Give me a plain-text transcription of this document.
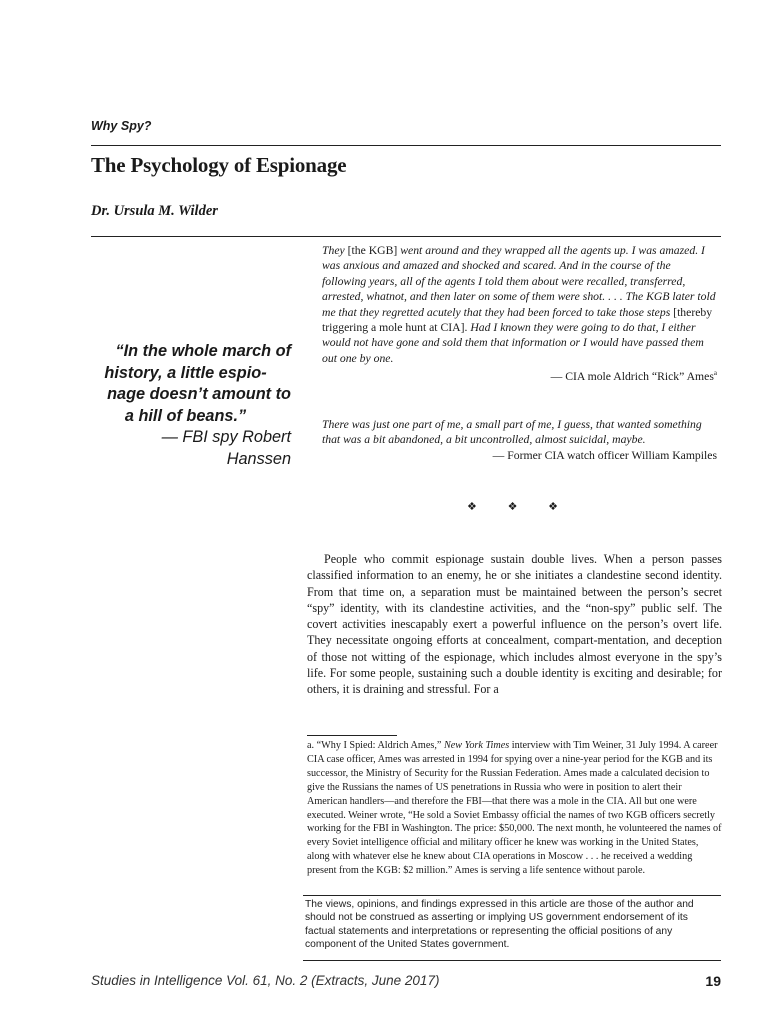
Why Spy?
The Psychology of Espionage
Dr. Ursula M. Wilder
“In the whole march of
history, a little espio-
nage doesn’t amount to
a hill of beans.”
— FBI spy Robert
Hanssen

They [the KGB] went around and they wrapped all the agents up. I was amazed. I was anxious and amazed and shocked and scared. And in the course of the following years, all of the agents I told them about were recalled, transferred, arrested, whatnot, and then later on some of them were shot. . . . The KGB later told me that they regretted acutely that they had been forced to take those steps [thereby triggering a mole hunt at CIA]. Had I known they were going to do that, I either would not have gone and sold them that information or I would have passed them out one by one.

— CIA mole Aldrich “Rick” Ames$^a$

There was just one part of me, a small part of me, I guess, that wanted something that was a bit abandoned, a bit uncontrolled, almost suicidal, maybe.

— Former CIA watch officer William Kampiles

❖ ❖ ❖

People who commit espionage sustain double lives. When a person passes classified information to an enemy, he or she initiates a clandestine second identity. From that time on, a separation must be maintained between the person’s secret “spy” identity, with its clandestine activities, and the “non-spy” public self. The covert activities inescapably exert a powerful influence on the person’s overt life. They necessitate ongoing efforts at concealment, compart-mentation, and deception of those not witting of the espionage, which includes almost everyone in the spy’s life. For some people, sustaining such a double identity is exciting and desirable; for others, it is draining and stressful. For a

a. “Why I Spied: Aldrich Ames,” New York Times interview with Tim Weiner, 31 July 1994. A career CIA case officer, Ames was arrested in 1994 for spying over a nine-year period for the KGB and its successor, the Ministry of Security for the Russian Federation. Ames made a calculated decision to give the Russians the names of US penetrations in Russia who were in position to alert their American handlers—and therefore the FBI—that there was a mole in the CIA. All but one were executed. Weiner wrote, “He sold a Soviet Embassy official the names of two KGB officers secretly working for the FBI in Washington. The price: $50,000. The next month, he volunteered the names of every Soviet intelligence official and military officer he knew was working in the United States, along with whatever else he knew about CIA operations in Moscow . . . he received a wedding present from the KGB: $2 million.” Ames is serving a life sentence without parole.

The views, opinions, and findings expressed in this article are those of the author and should not be construed as asserting or implying US government endorsement of its factual statements and interpretations or representing the official positions of any component of the United States government.
Studies in Intelligence Vol. 61, No. 2 (Extracts, June 2017)	19
